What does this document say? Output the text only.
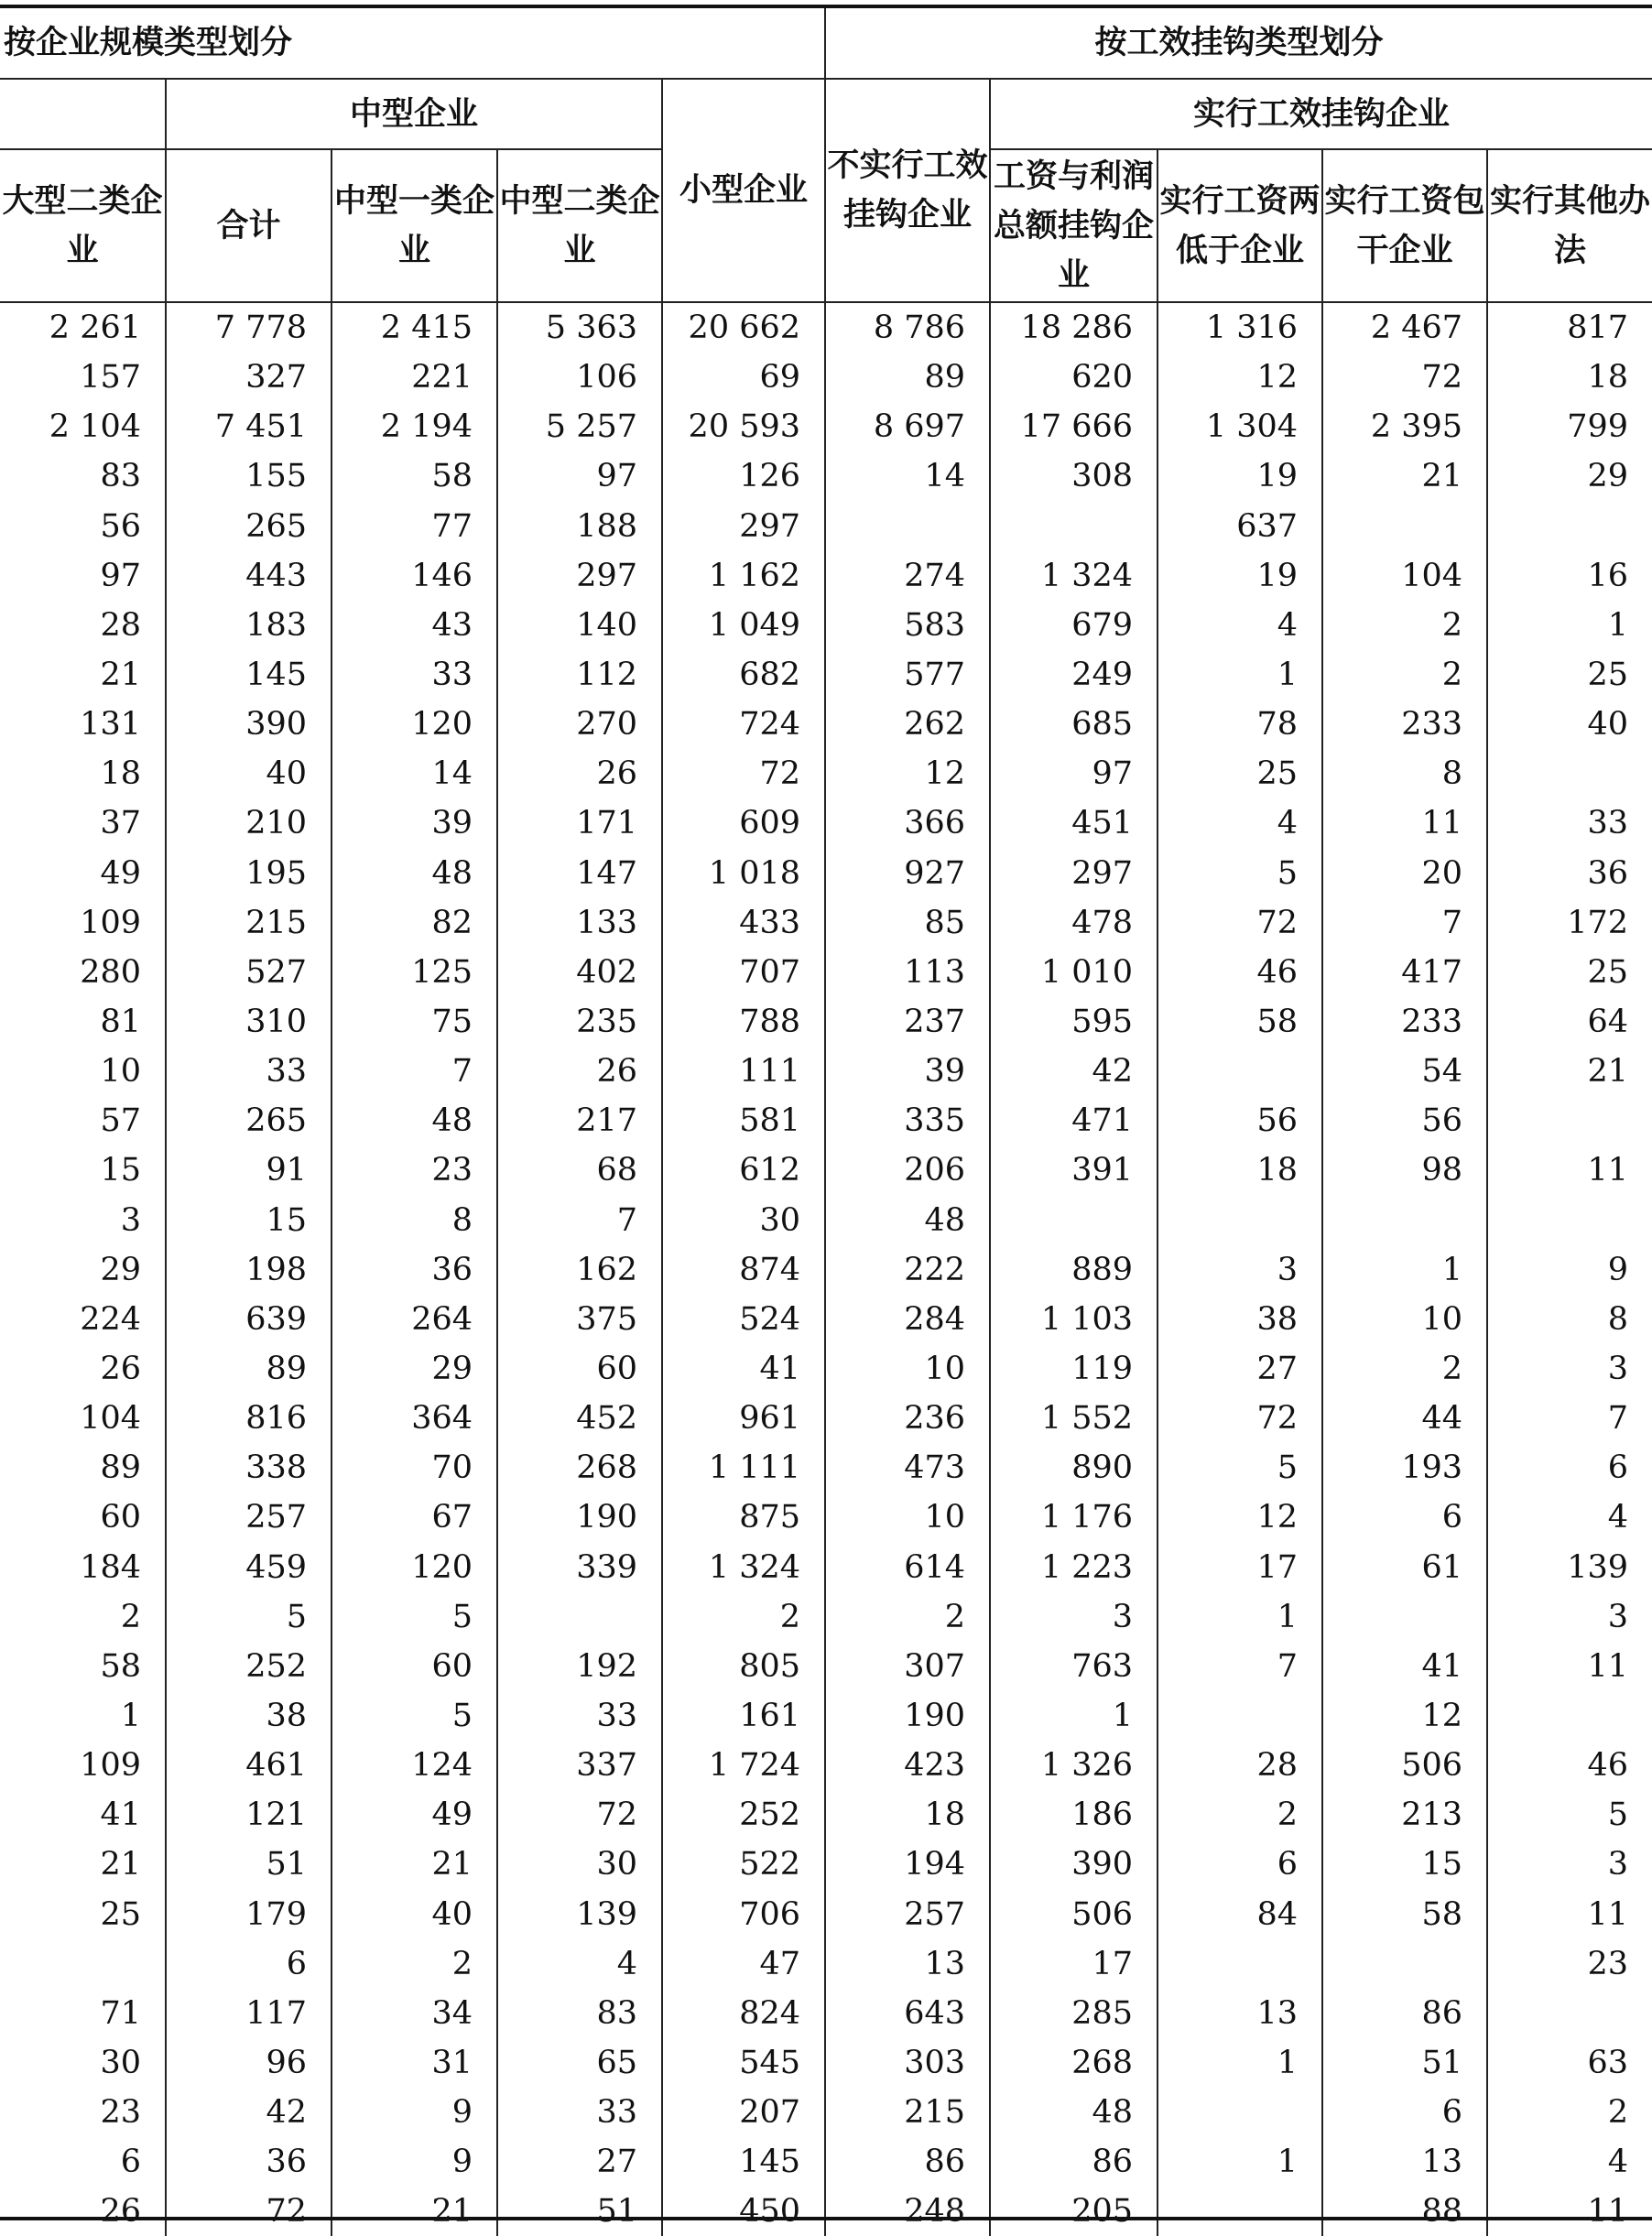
按企业规模类型划分					按工效挂钩类型划分				
	中型企业			小型企业	不实行工效挂钩企业	实行工效挂钩企业			
大型二类企业	合计	中型一类企业	中型二类企业			工资与利润总额挂钩企业	实行工资两低于企业	实行工资包干企业	实行其他办法
2 261	7 778	2 415	5 363	20 662	8 786	18 286	1 316	2 467	817
157	327	221	106	69	89	620	12	72	18
2 104	7 451	2 194	5 257	20 593	8 697	17 666	1 304	2 395	799
83	155	58	97	126	14	308	19	21	29
56	265	77	188	297			637		
97	443	146	297	1 162	274	1 324	19	104	16
28	183	43	140	1 049	583	679	4	2	1
21	145	33	112	682	577	249	1	2	25
131	390	120	270	724	262	685	78	233	40
18	40	14	26	72	12	97	25	8	
37	210	39	171	609	366	451	4	11	33
49	195	48	147	1 018	927	297	5	20	36
109	215	82	133	433	85	478	72	7	172
280	527	125	402	707	113	1 010	46	417	25
81	310	75	235	788	237	595	58	233	64
10	33	7	26	111	39	42		54	21
57	265	48	217	581	335	471	56	56	
15	91	23	68	612	206	391	18	98	11
3	15	8	7	30	48				
29	198	36	162	874	222	889	3	1	9
224	639	264	375	524	284	1 103	38	10	8
26	89	29	60	41	10	119	27	2	3
104	816	364	452	961	236	1 552	72	44	7
89	338	70	268	1 111	473	890	5	193	6
60	257	67	190	875	10	1 176	12	6	4
184	459	120	339	1 324	614	1 223	17	61	139
2	5	5		2	2	3	1		3
58	252	60	192	805	307	763	7	41	11
1	38	5	33	161	190	1		12	
109	461	124	337	1 724	423	1 326	28	506	46
41	121	49	72	252	18	186	2	213	5
21	51	21	30	522	194	390	6	15	3
25	179	40	139	706	257	506	84	58	11
	6	2	4	47	13	17			23
71	117	34	83	824	643	285	13	86	
30	96	31	65	545	303	268	1	51	63
23	42	9	33	207	215	48		6	2
6	36	9	27	145	86	86	1	13	4
26	72	21	51	450	248	205		88	11
